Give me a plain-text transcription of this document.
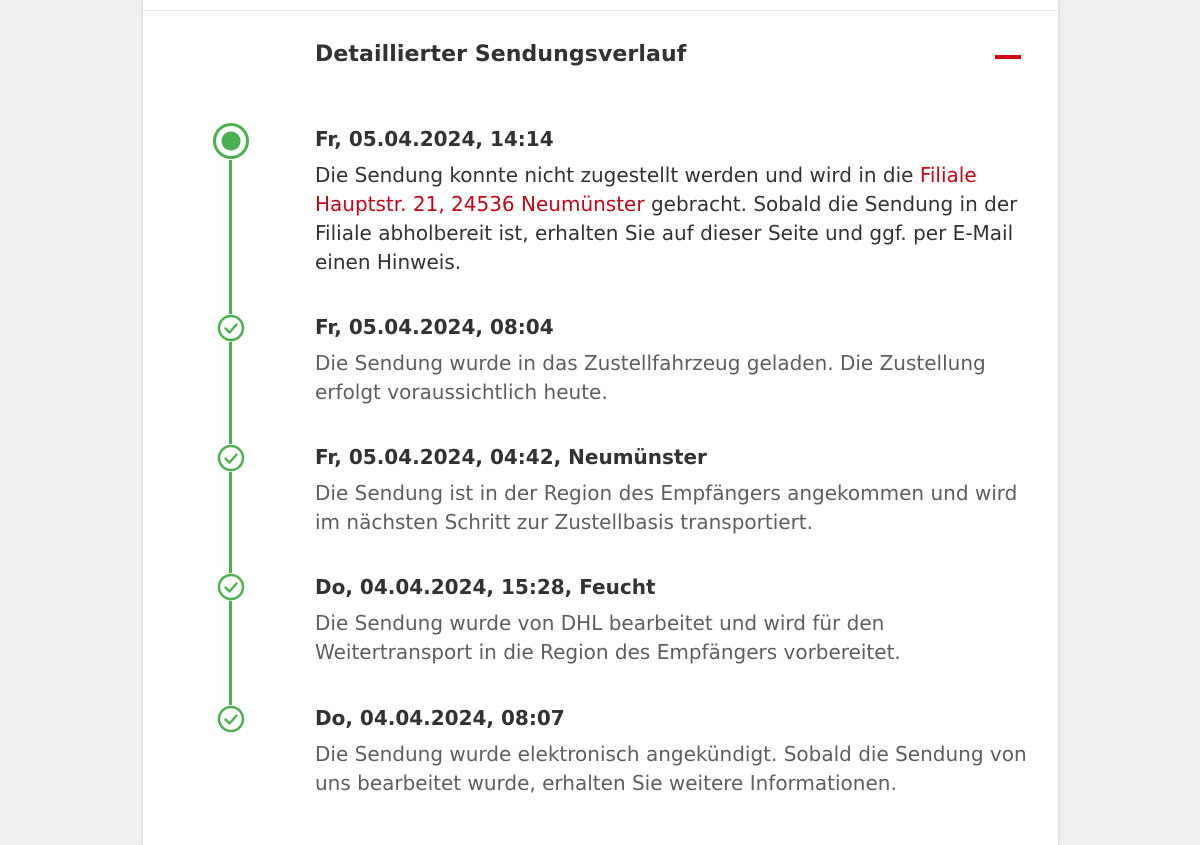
Detaillierter Sendungsverlauf
Fr, 05.04.2024, 14:14
Die Sendung konnte nicht zugestellt werden und wird in die Filiale Hauptstr. 21, 24536 Neumünster gebracht. Sobald die Sendung in der Filiale abholbereit ist, erhalten Sie auf dieser Seite und ggf. per E-Mail einen Hinweis.
Fr, 05.04.2024, 08:04
Die Sendung wurde in das Zustellfahrzeug geladen. Die Zustellung erfolgt voraussichtlich heute.
Fr, 05.04.2024, 04:42, Neumünster
Die Sendung ist in der Region des Empfängers angekommen und wird im nächsten Schritt zur Zustellbasis transportiert.
Do, 04.04.2024, 15:28, Feucht
Die Sendung wurde von DHL bearbeitet und wird für den Weitertransport in die Region des Empfängers vorbereitet.
Do, 04.04.2024, 08:07
Die Sendung wurde elektronisch angekündigt. Sobald die Sendung von uns bearbeitet wurde, erhalten Sie weitere Informationen.
